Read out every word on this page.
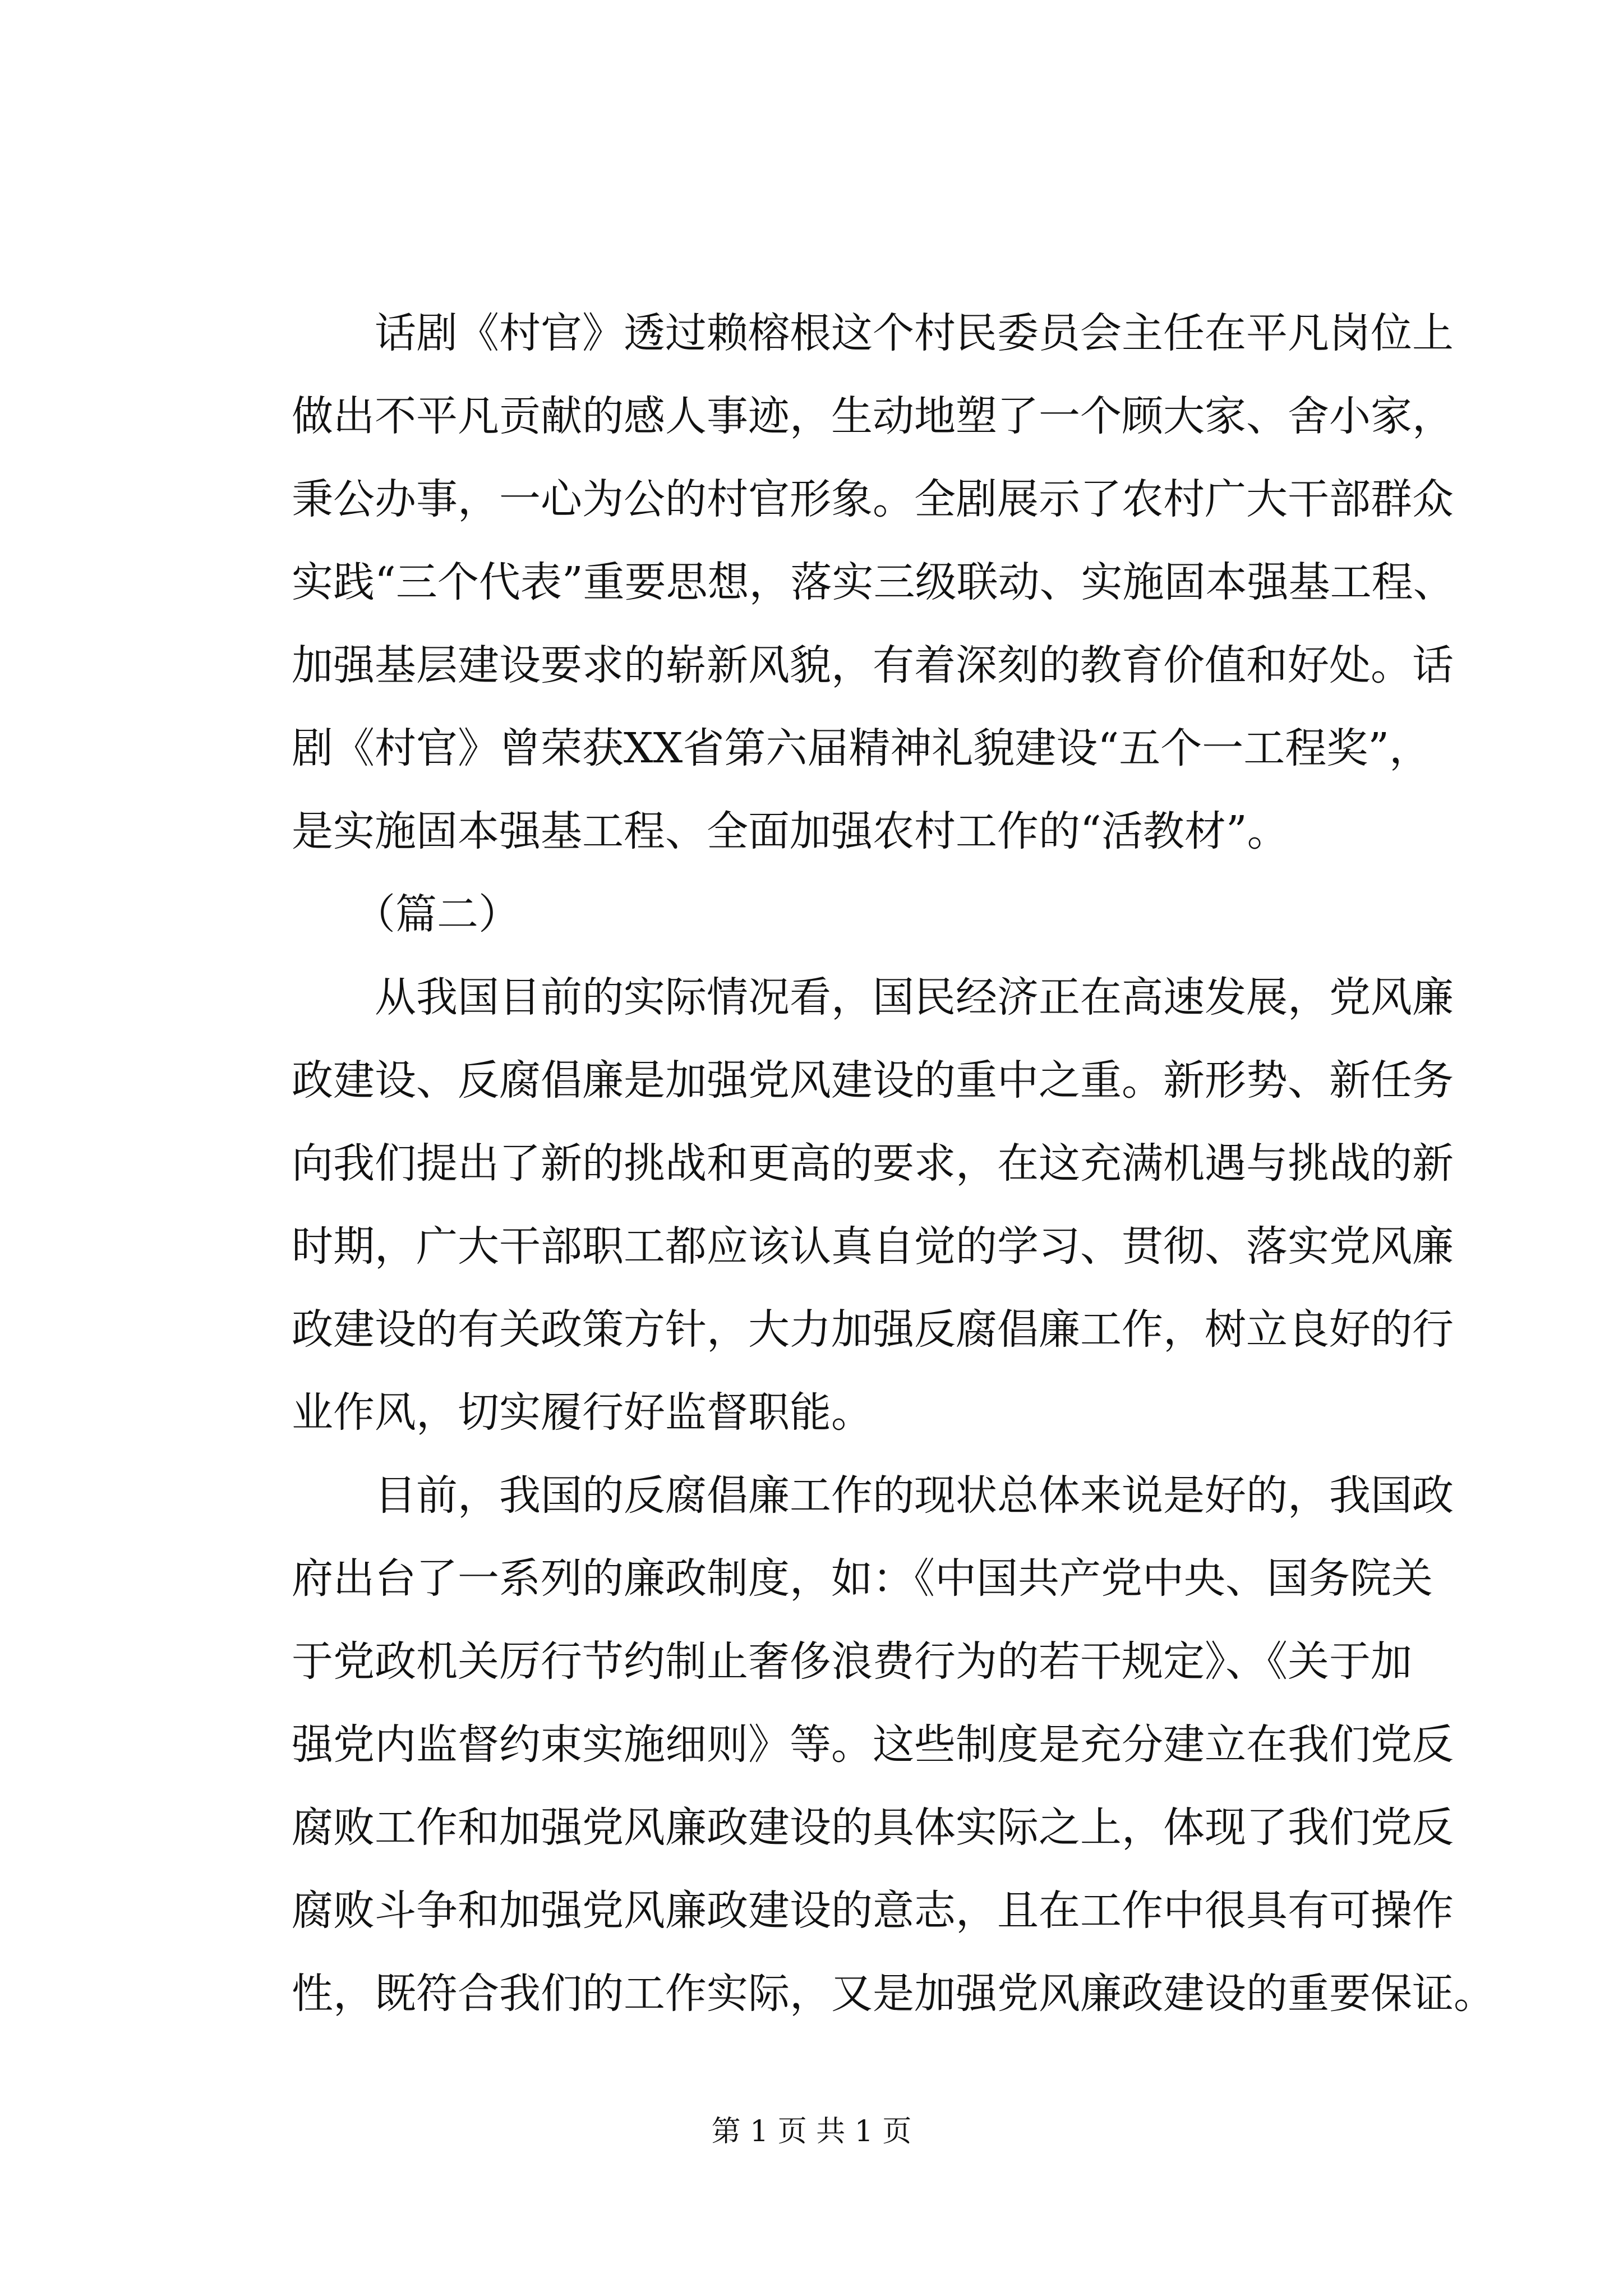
话剧《村官》透过赖榕根这个村民委员会主任在平凡岗位上
做出不平凡贡献的感人事迹，生动地塑了一个顾大家、舍小家，
秉公办事，一心为公的村官形象。全剧展示了农村广大干部群众
实践“三个代表”重要思想，落实三级联动、实施固本强基工程、
加强基层建设要求的崭新风貌，有着深刻的教育价值和好处。话
剧《村官》曾荣获XX省第六届精神礼貌建设“五个一工程奖”，
是实施固本强基工程、全面加强农村工作的“活教材”。
（篇二）
从我国目前的实际情况看，国民经济正在高速发展，党风廉
政建设、反腐倡廉是加强党风建设的重中之重。新形势、新任务
向我们提出了新的挑战和更高的要求，在这充满机遇与挑战的新
时期，广大干部职工都应该认真自觉的学习、贯彻、落实党风廉
政建设的有关政策方针，大力加强反腐倡廉工作，树立良好的行
业作风，切实履行好监督职能。
目前，我国的反腐倡廉工作的现状总体来说是好的，我国政
府出台了一系列的廉政制度，如：《中国共产党中央、国务院关
于党政机关厉行节约制止奢侈浪费行为的若干规定》、《关于加
强党内监督约束实施细则》等。这些制度是充分建立在我们党反
腐败工作和加强党风廉政建设的具体实际之上，体现了我们党反
腐败斗争和加强党风廉政建设的意志，且在工作中很具有可操作
性，既符合我们的工作实际，又是加强党风廉政建设的重要保证。
第 1 页 共 1 页
